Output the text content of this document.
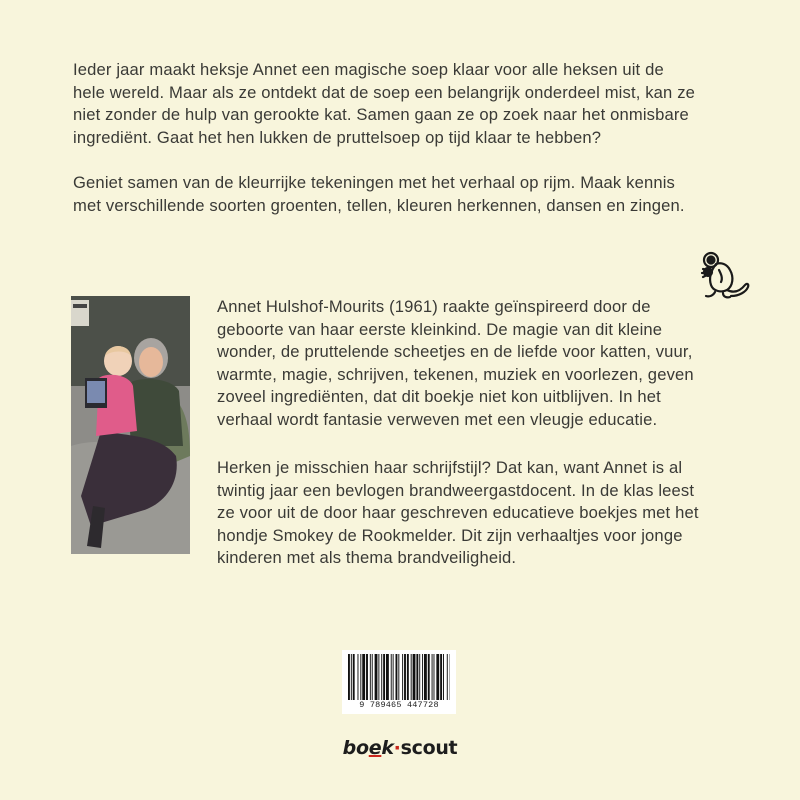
Ieder jaar maakt heksje Annet een magische soep klaar voor alle heksen uit de
hele wereld. Maar als ze ontdekt dat de soep een belangrijk onderdeel mist, kan ze
niet zonder de hulp van gerookte kat. Samen gaan ze op zoek naar het onmisbare
ingrediënt. Gaat het hen lukken de pruttelsoep op tijd klaar te hebben?

Geniet samen van de kleurrijke tekeningen met het verhaal op rijm. Maak kennis
met verschillende soorten groenten, tellen, kleuren herkennen, dansen en zingen.

Annet Hulshof-Mourits (1961) raakte geïnspireerd door de
geboorte van haar eerste kleinkind. De magie van dit kleine
wonder, de pruttelende scheetjes en de liefde voor katten, vuur,
warmte, magie, schrijven, tekenen, muziek en voorlezen, geven
zoveel ingrediënten, dat dit boekje niet kon uitblijven. In het
verhaal wordt fantasie verweven met een vleugje educatie.

Herken je misschien haar schrijfstijl? Dat kan, want Annet is al
twintig jaar een bevlogen brandweergastdocent. In de klas leest
ze voor uit de door haar geschreven educatieve boekjes met het
hondje Smokey de Rookmelder. Dit zijn verhaaltjes voor jonge
kinderen met als thema brandveiligheid.

9 789465 447728
boek·scout
